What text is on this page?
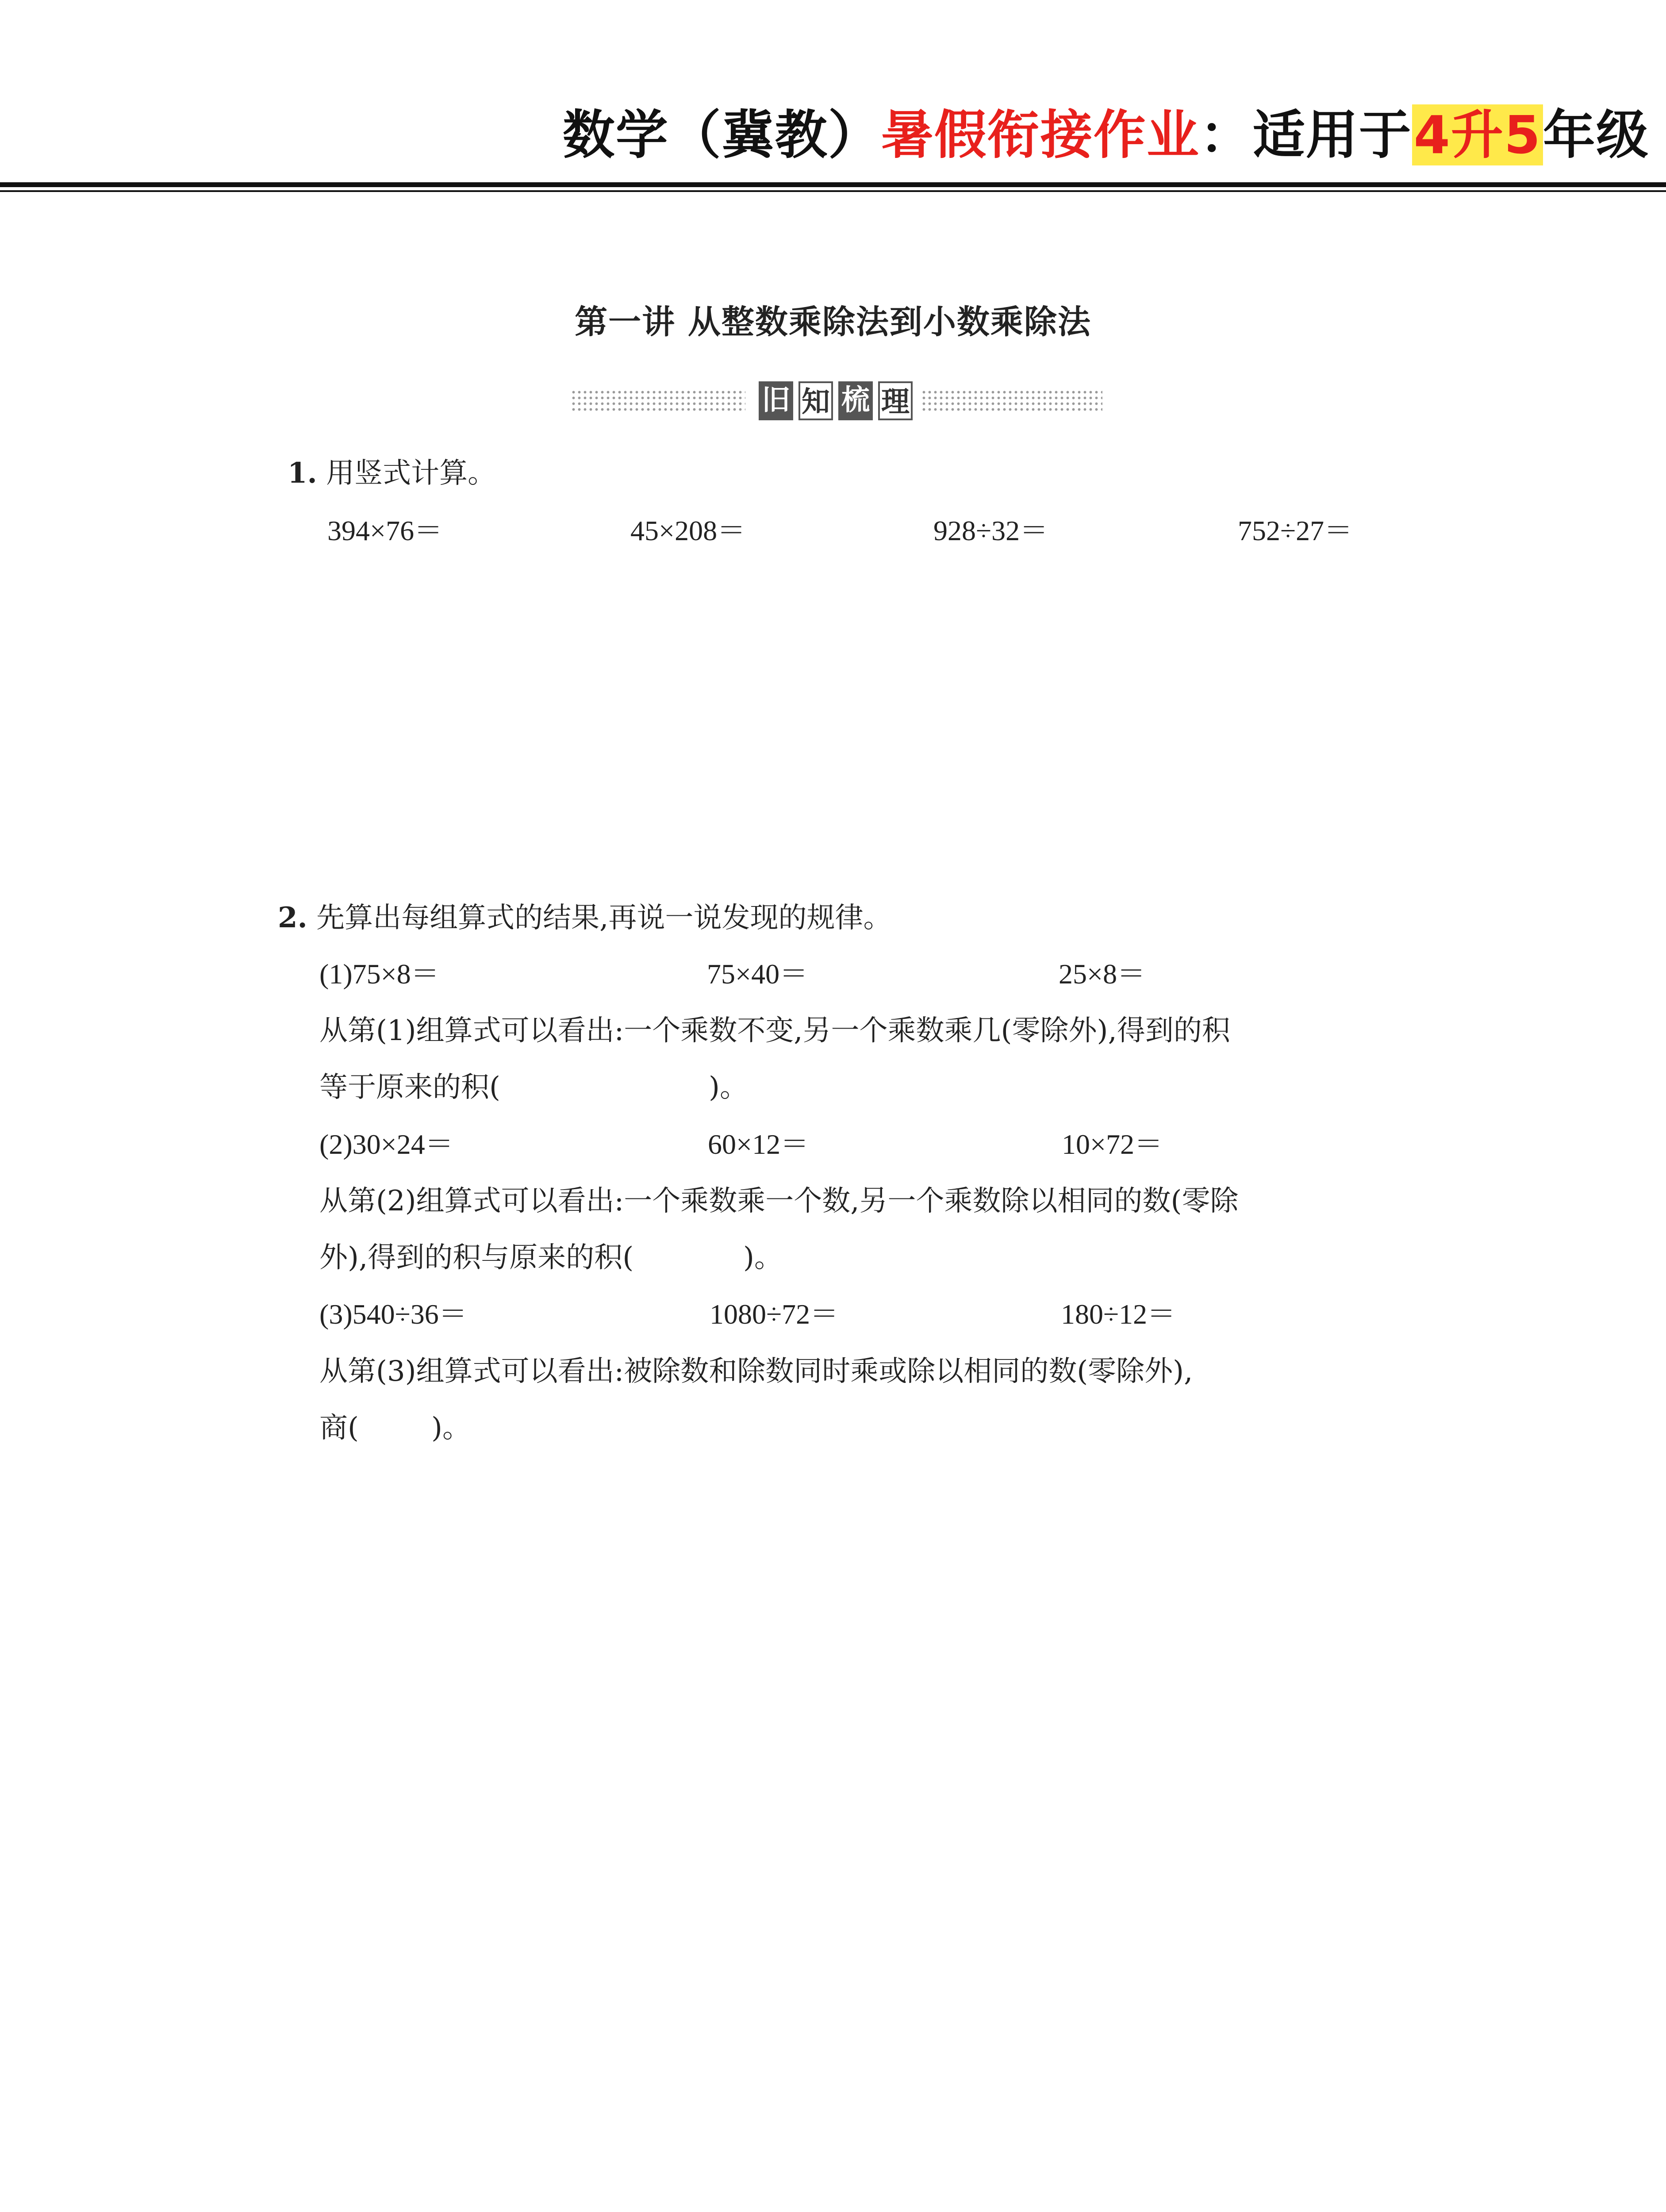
数学（冀教）暑假衔接作业：适用于4升5年级
第一讲 从整数乘除法到小数乘除法
旧 知 梳 理
1. 用竖式计算。
394×76＝	45×208＝	928÷32＝	752÷27＝
2. 先算出每组算式的结果,再说一说发现的规律。
(1)75×8＝	75×40＝	25×8＝
从第(1)组算式可以看出:一个乘数不变,另一个乘数乘几(零除外),得到的积
等于原来的积(	)。
(2)30×24＝	60×12＝	10×72＝
从第(2)组算式可以看出:一个乘数乘一个数,另一个乘数除以相同的数(零除
外),得到的积与原来的积(	)。
(3)540÷36＝	1080÷72＝	180÷12＝
从第(3)组算式可以看出:被除数和除数同时乘或除以相同的数(零除外),
商(	)。
